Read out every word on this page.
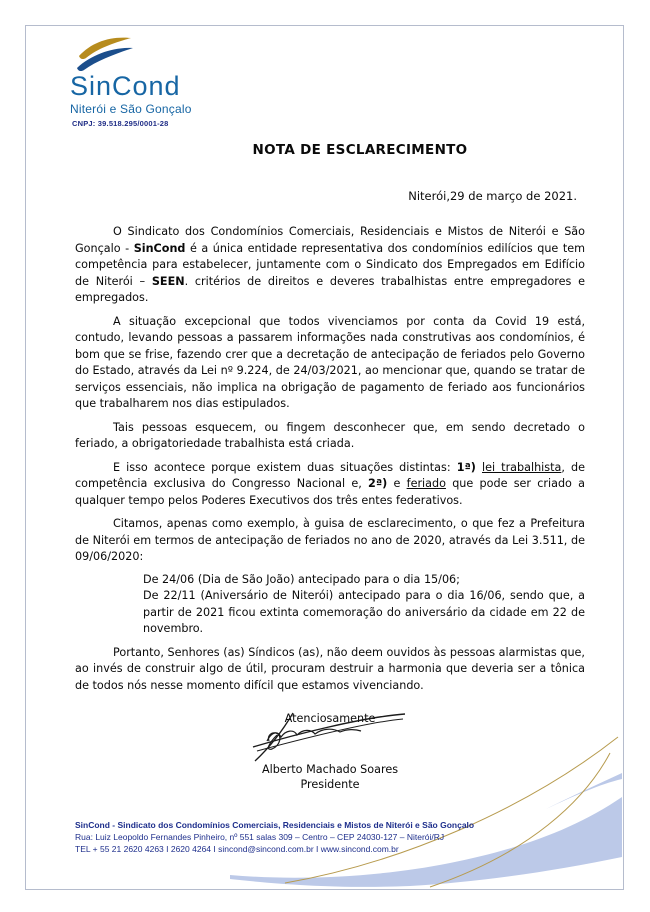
SinCond
Niterói e São Gonçalo
CNPJ: 39.518.295/0001-28

NOTA DE ESCLARECIMENTO

Niterói,29 de março de 2021.

O Sindicato dos Condomínios Comerciais, Residenciais e Mistos de Niterói e São Gonçalo - SinCond é a única entidade representativa dos condomínios edilícios que tem competência para estabelecer, juntamente com o Sindicato dos Empregados em Edifício de Niterói – SEEN. critérios de direitos e deveres trabalhistas entre empregadores e empregados.

A situação excepcional que todos vivenciamos por conta da Covid 19 está, contudo, levando pessoas a passarem informações nada construtivas aos condomínios, é bom que se frise, fazendo crer que a decretação de antecipação de feriados pelo Governo do Estado, através da Lei nº 9.224, de 24/03/2021, ao mencionar que, quando se tratar de serviços essenciais, não implica na obrigação de pagamento de feriado aos funcionários que trabalharem nos dias estipulados.

Tais pessoas esquecem, ou fingem desconhecer que, em sendo decretado o feriado, a obrigatoriedade trabalhista está criada.

E isso acontece porque existem duas situações distintas: 1ª) lei trabalhista, de competência exclusiva do Congresso Nacional e, 2ª) e feriado que pode ser criado a qualquer tempo pelos Poderes Executivos dos três entes federativos.

Citamos, apenas como exemplo, à guisa de esclarecimento, o que fez a Prefeitura de Niterói em termos de antecipação de feriados no ano de 2020, através da Lei 3.511, de 09/06/2020:

De 24/06 (Dia de São João) antecipado para o dia 15/06;
De 22/11 (Aniversário de Niterói) antecipado para o dia 16/06, sendo que, a partir de 2021 ficou extinta comemoração do aniversário da cidade em 22 de novembro.

Portanto, Senhores (as) Síndicos (as), não deem ouvidos às pessoas alarmistas que, ao invés de construir algo de útil, procuram destruir a harmonia que deveria ser a tônica de todos nós nesse momento difícil que estamos vivenciando.

Atenciosamente
Alberto Machado Soares
Presidente
SinCond - Sindicato dos Condomínios Comerciais, Residenciais e Mistos de Niterói e São Gonçalo
Rua: Luiz Leopoldo Fernandes Pinheiro, nº 551 salas 309 – Centro – CEP 24030-127 – Niterói/RJ
TEL + 55 21 2620 4263 I 2620 4264 I sincond@sincond.com.br I www.sincond.com.br
